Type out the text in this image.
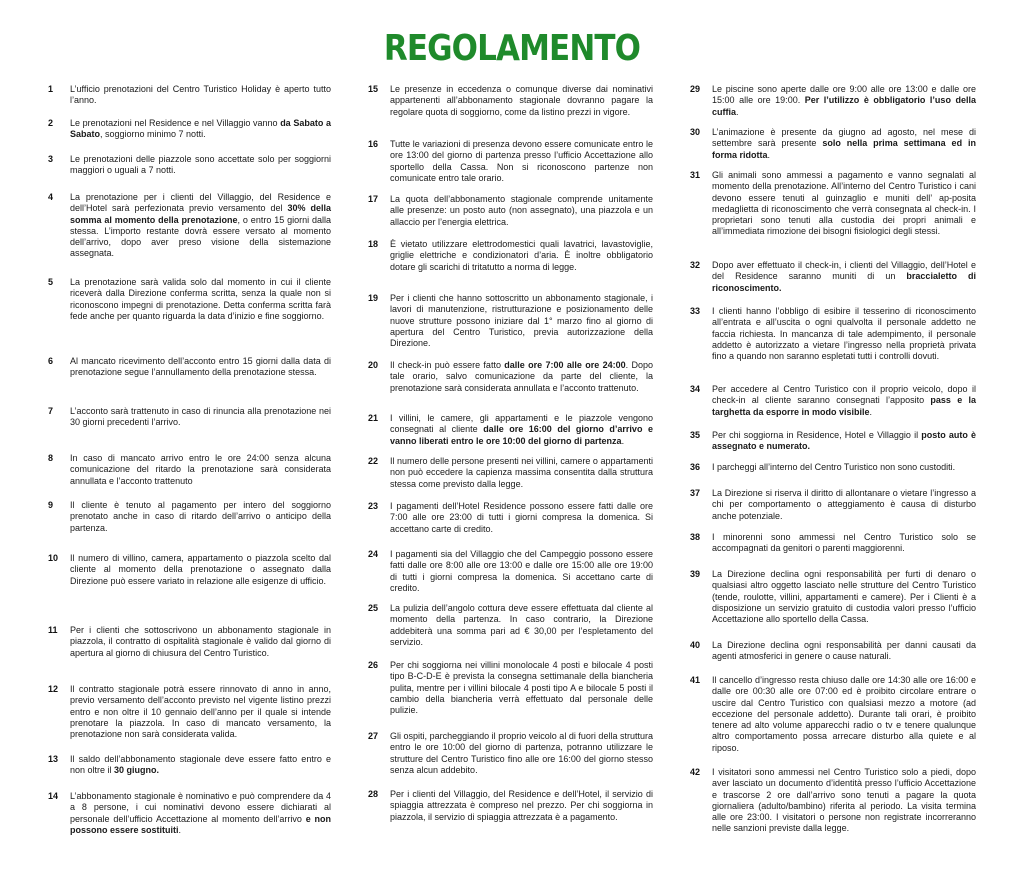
REGOLAMENTO
1	L’ufficio prenotazioni del Centro Turistico Holiday è aperto tutto l’anno.
2	Le prenotazioni nel Residence e nel Villaggio vanno da Sabato a Sabato, soggiorno minimo 7 notti.
3	Le prenotazioni delle piazzole sono accettate solo per soggiorni maggiori o uguali a 7 notti.
4	La prenotazione per i clienti del Villaggio, del Residence e dell’Hotel sarà perfezionata previo versamento del 30% della somma al momento della prenotazione, o entro 15 giorni dalla stessa. L’importo restante dovrà essere versato al momento dell’arrivo, dopo aver preso visione della sistemazione assegnata.
5	La prenotazione sarà valida solo dal momento in cui il cliente riceverà dalla Direzione conferma scritta, senza la quale non si riconoscono impegni di prenotazione. Detta conferma scritta farà fede anche per quanto riguarda la data d’inizio e fine soggiorno.
6	Al mancato ricevimento dell’acconto entro 15 giorni dalla data di prenotazione segue l’annullamento della prenotazione stessa.
7	L’acconto sarà trattenuto in caso di rinuncia alla prenotazione nei 30 giorni precedenti l’arrivo.
8	In caso di mancato arrivo entro le ore 24:00 senza alcuna comunicazione del ritardo la prenotazione sarà considerata annullata e l’acconto trattenuto
9	Il cliente è tenuto al pagamento per intero del soggiorno prenotato anche in caso di ritardo dell’arrivo o anticipo della partenza.
10	Il numero di villino, camera, appartamento o piazzola scelto dal cliente al momento della prenotazione o assegnato dalla Direzione può essere variato in relazione alle esigenze di ufficio.
11	Per i clienti che sottoscrivono un abbonamento stagionale in piazzola, il contratto di ospitalità stagionale è valido dal giorno di apertura al giorno di chiusura del Centro Turistico.
12	Il contratto stagionale potrà essere rinnovato di anno in anno, previo versamento dell’acconto previsto nel vigente listino prezzi entro e non oltre il 10 gennaio dell’anno per il quale si intende prenotare la piazzola. In caso di mancato versamento, la prenotazione non sarà considerata valida.
13	Il saldo dell’abbonamento stagionale deve essere fatto entro e non oltre il 30 giugno.
14	L’abbonamento stagionale è nominativo e può comprendere da 4 a 8 persone, i cui nominativi devono essere dichiarati al personale dell’ufficio Accettazione al momento dell’arrivo e non possono essere sostituiti.
15	Le presenze in eccedenza o comunque diverse dai nominativi appartenenti all’abbonamento stagionale dovranno pagare la regolare quota di soggiorno, come da listino prezzi in vigore.
16	Tutte le variazioni di presenza devono essere comunicate entro le ore 13:00 del giorno di partenza presso l’ufficio Accettazione allo sportello della Cassa. Non si riconoscono partenze non comunicate entro tale orario.
17	La quota dell’abbonamento stagionale comprende unitamente alle presenze: un posto auto (non assegnato), una piazzola e un allaccio per l’energia elettrica.
18	È vietato utilizzare elettrodomestici quali lavatrici, lavastoviglie, griglie elettriche e condizionatori d’aria. È inoltre obbligatorio dotare gli scarichi di tritatutto a norma di legge.
19	Per i clienti che hanno sottoscritto un abbonamento stagionale, i lavori di manutenzione, ristrutturazione e posizionamento delle nuove strutture possono iniziare dal 1° marzo fino al giorno di apertura del Centro Turistico, previa autorizzazione della Direzione.
20	Il check-in può essere fatto dalle ore 7:00 alle ore 24:00. Dopo tale orario, salvo comunicazione da parte del cliente, la prenotazione sarà considerata annullata e l’acconto trattenuto.
21	I villini, le camere, gli appartamenti e le piazzole vengono consegnati al cliente dalle ore 16:00 del giorno d’arrivo e vanno liberati entro le ore 10:00 del giorno di partenza.
22	Il numero delle persone presenti nei villini, camere o appartamenti non può eccedere la capienza massima consentita dalla struttura stessa come previsto dalla legge.
23	I pagamenti dell’Hotel Residence possono essere fatti dalle ore 7:00 alle ore 23:00 di tutti i giorni compresa la domenica. Si accettano carte di credito.
24	I pagamenti sia del Villaggio che del Campeggio possono essere fatti dalle ore 8:00 alle ore 13:00 e dalle ore 15:00 alle ore 19:00 di tutti i giorni compresa la domenica. Si accettano carte di credito.
25	La pulizia dell’angolo cottura deve essere effettuata dal cliente al momento della partenza. In caso contrario, la Direzione addebiterà una somma pari ad € 30,00 per l’espletamento del servizio.
26	Per chi soggiorna nei villini monolocale 4 posti e bilocale 4 posti tipo B-C-D-E è prevista la consegna settimanale della biancheria pulita, mentre per i villini bilocale 4 posti tipo A e bilocale 5 posti il cambio della biancheria verrà effettuato dal personale delle pulizie.
27	Gli ospiti, parcheggiando il proprio veicolo al di fuori della struttura entro le ore 10:00 del giorno di partenza, potranno utilizzare le strutture del Centro Turistico fino alle ore 16:00 del giorno stesso senza alcun addebito.
28	Per i clienti del Villaggio, del Residence e dell’Hotel, il servizio di spiaggia attrezzata è compreso nel prezzo. Per chi soggiorna in piazzola, il servizio di spiaggia attrezzata è a pagamento.
29	Le piscine sono aperte dalle ore 9:00 alle ore 13:00 e dalle ore 15:00 alle ore 19:00. Per l’utilizzo è obbligatorio l’uso della cuffia.
30	L’animazione è presente da giugno ad agosto, nel mese di settembre sarà presente solo nella prima settimana ed in forma ridotta.
31	Gli animali sono ammessi a pagamento e vanno segnalati al momento della prenotazione. All’interno del Centro Turistico i cani devono essere tenuti al guinzaglio e muniti dell’ ap-posita medaglietta di riconoscimento che verrà consegnata al check-in. I proprietari sono tenuti alla custodia dei propri animali e all’immediata rimozione dei bisogni fisiologici degli stessi.
32	Dopo aver effettuato il check-in, i clienti del Villaggio, dell’Hotel e del Residence saranno muniti di un braccialetto di riconoscimento.
33	I clienti hanno l’obbligo di esibire il tesserino di riconoscimento all’entrata e all’uscita o ogni qualvolta il personale addetto ne faccia richiesta. In mancanza di tale adempimento, il personale addetto è autorizzato a vietare l’ingresso nella proprietà privata fino a quando non saranno espletati tutti i controlli dovuti.
34	Per accedere al Centro Turistico con il proprio veicolo, dopo il check-in al cliente saranno consegnati l’apposito pass e la targhetta da esporre in modo visibile.
35	Per chi soggiorna in Residence, Hotel e Villaggio il posto auto è assegnato e numerato.
36	I parcheggi all’interno del Centro Turistico non sono custoditi.
37	La Direzione si riserva il diritto di allontanare o vietare l’ingresso a chi per comportamento o atteggiamento è causa di disturbo anche potenziale.
38	I minorenni sono ammessi nel Centro Turistico solo se accompagnati da genitori o parenti maggiorenni.
39	La Direzione declina ogni responsabilità per furti di denaro o qualsiasi altro oggetto lasciato nelle strutture del Centro Turistico (tende, roulotte, villini, appartamenti e camere). Per i Clienti è a disposizione un servizio gratuito di custodia valori presso l’ufficio Accettazione allo sportello della Cassa.
40	La Direzione declina ogni responsabilità per danni causati da agenti atmosferici in genere o cause naturali.
41	Il cancello d’ingresso resta chiuso dalle ore 14:30 alle ore 16:00 e dalle ore 00:30 alle ore 07:00 ed è proibito circolare entrare o uscire dal Centro Turistico con qualsiasi mezzo a motore (ad eccezione del personale addetto). Durante tali orari, è proibito tenere ad alto volume apparecchi radio o tv e tenere qualunque altro comportamento possa arrecare disturbo alla quiete e al riposo.
42	I visitatori sono ammessi nel Centro Turistico solo a piedi, dopo aver lasciato un documento d’identità presso l’ufficio Accettazione e trascorse 2 ore dall’arrivo sono tenuti a pagare la quota giornaliera (adulto/bambino) riferita al periodo. La visita termina alle ore 23:00. I visitatori o persone non registrate incorreranno nelle sanzioni previste dalla legge.
